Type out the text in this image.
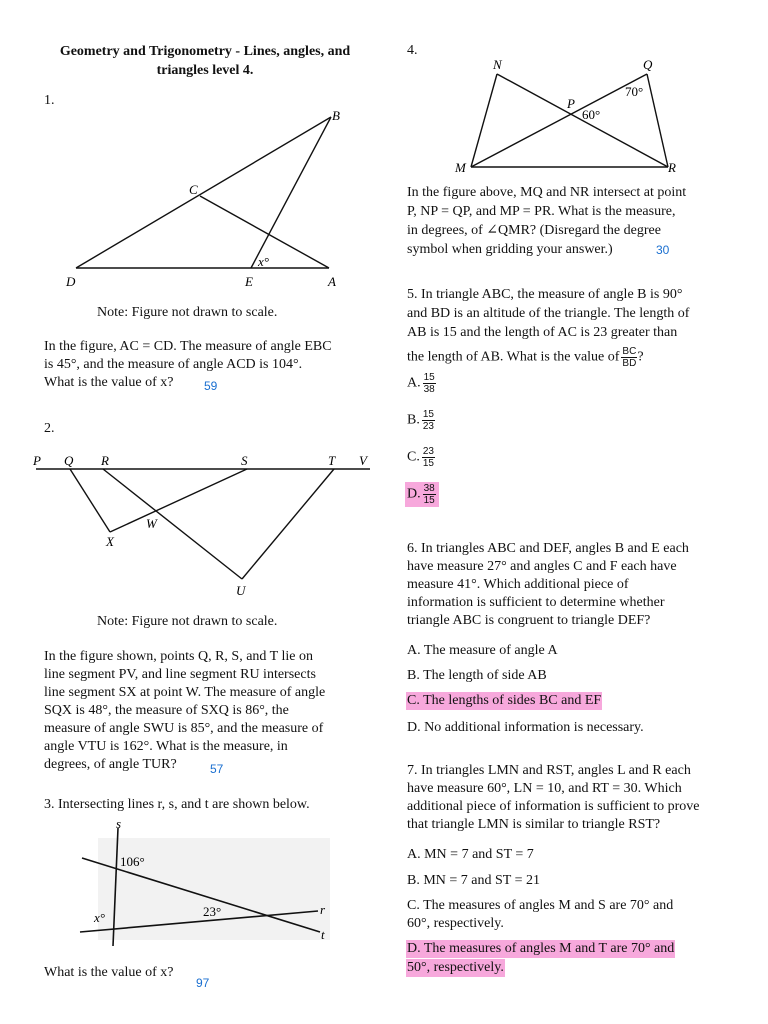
Geometry and Trigonometry - Lines, angles, and
triangles level 4.
1.
B
C
D	E	A
x°
Note: Figure not drawn to scale.
In the figure, AC = CD. The measure of angle EBC
is 45°, and the measure of angle ACD is 104°.
What is the value of x?	59
2.
P Q R	S	T V
W
X
U
Note: Figure not drawn to scale.
In the figure shown, points Q, R, S, and T lie on
line segment PV, and line segment RU intersects
line segment SX at point W. The measure of angle
SQX is 48°, the measure of SXQ is 86°, the
measure of angle SWU is 85°, and the measure of
angle VTU is 162°. What is the measure, in
degrees, of angle TUR?	57
3. Intersecting lines r, s, and t are shown below.
s
r
t
106°
23°
x°
What is the value of x?
97
4.
N	Q
P
M	R
70°
60°
In the figure above, MQ and NR intersect at point
P, NP = QP, and MP = PR. What is the measure,
in degrees, of ∠QMR? (Disregard the degree
symbol when gridding your answer.)	30
5. In triangle ABC, the measure of angle B is 90°
and BD is an altitude of the triangle. The length of
AB is 15 and the length of AC is 23 greater than
the length of AB. What is the value of $\frac{BC}{BD}$ ?
A. $\frac{15}{38}$
B. $\frac{15}{23}$
C. $\frac{23}{15}$
D. $\frac{38}{15}$
6. In triangles ABC and DEF, angles B and E each
have measure 27° and angles C and F each have
measure 41°. Which additional piece of
information is sufficient to determine whether
triangle ABC is congruent to triangle DEF?
A. The measure of angle A
B. The length of side AB
C. The lengths of sides BC and EF
D. No additional information is necessary.
7. In triangles LMN and RST, angles L and R each
have measure 60°, LN = 10, and RT = 30. Which
additional piece of information is sufficient to prove
that triangle LMN is similar to triangle RST?
A. MN = 7 and ST = 7
B. MN = 7 and ST = 21
C. The measures of angles M and S are 70° and
60°, respectively.
D. The measures of angles M and T are 70° and
50°, respectively.
